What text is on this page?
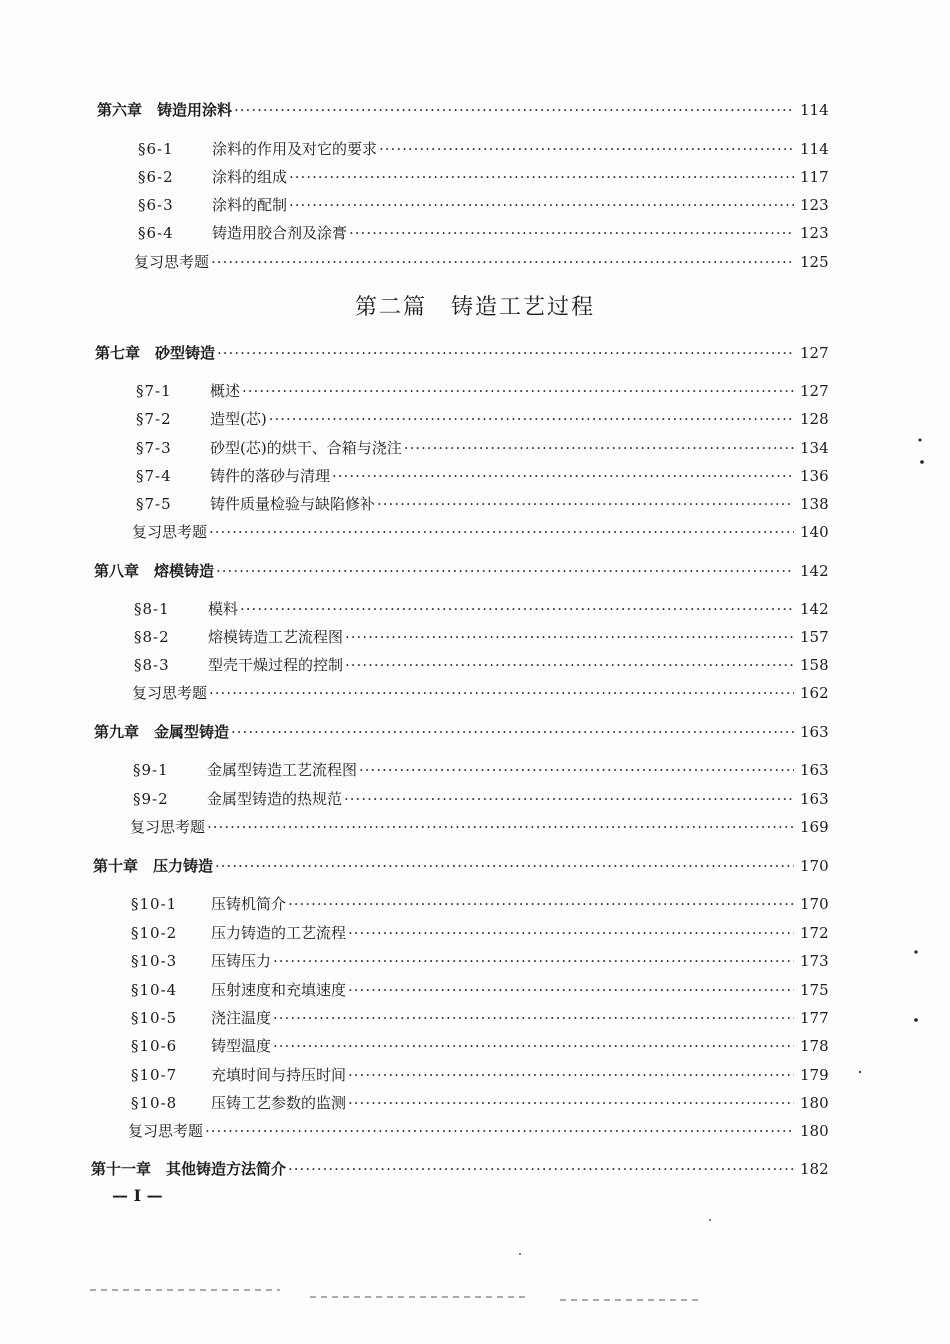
第六章　铸造用涂料 ·····	114
§6-1	涂料的作用及对它的要求 ·····	114
§6-2	涂料的组成 ·····	117
§6-3	涂料的配制 ·····	123
§6-4	铸造用胶合剂及涂膏 ·····	123
复习思考题 ·····	125
第二篇　铸造工艺过程
第七章　砂型铸造 ·····	127
§7-1	概述 ·····	127
§7-2	造型(芯) ·····	128
§7-3	砂型(芯)的烘干、合箱与浇注 ·····	134
§7-4	铸件的落砂与清理 ·····	136
§7-5	铸件质量检验与缺陷修补 ·····	138
复习思考题 ·····	140
第八章　熔模铸造 ·····	142
§8-1	模料 ·····	142
§8-2	熔模铸造工艺流程图 ·····	157
§8-3	型壳干燥过程的控制 ·····	158
复习思考题 ·····	162
第九章　金属型铸造 ·····	163
§9-1	金属型铸造工艺流程图 ·····	163
§9-2	金属型铸造的热规范 ·····	163
复习思考题 ·····	169
第十章　压力铸造 ·····	170
§10-1	压铸机简介 ·····	170
§10-2	压力铸造的工艺流程 ·····	172
§10-3	压铸压力 ·····	173
§10-4	压射速度和充填速度 ·····	175
§10-5	浇注温度 ·····	177
§10-6	铸型温度 ·····	178
§10-7	充填时间与持压时间 ·····	179
§10-8	压铸工艺参数的监测 ·····	180
复习思考题 ·····	180
第十一章　其他铸造方法简介 ·····	182
— I —
